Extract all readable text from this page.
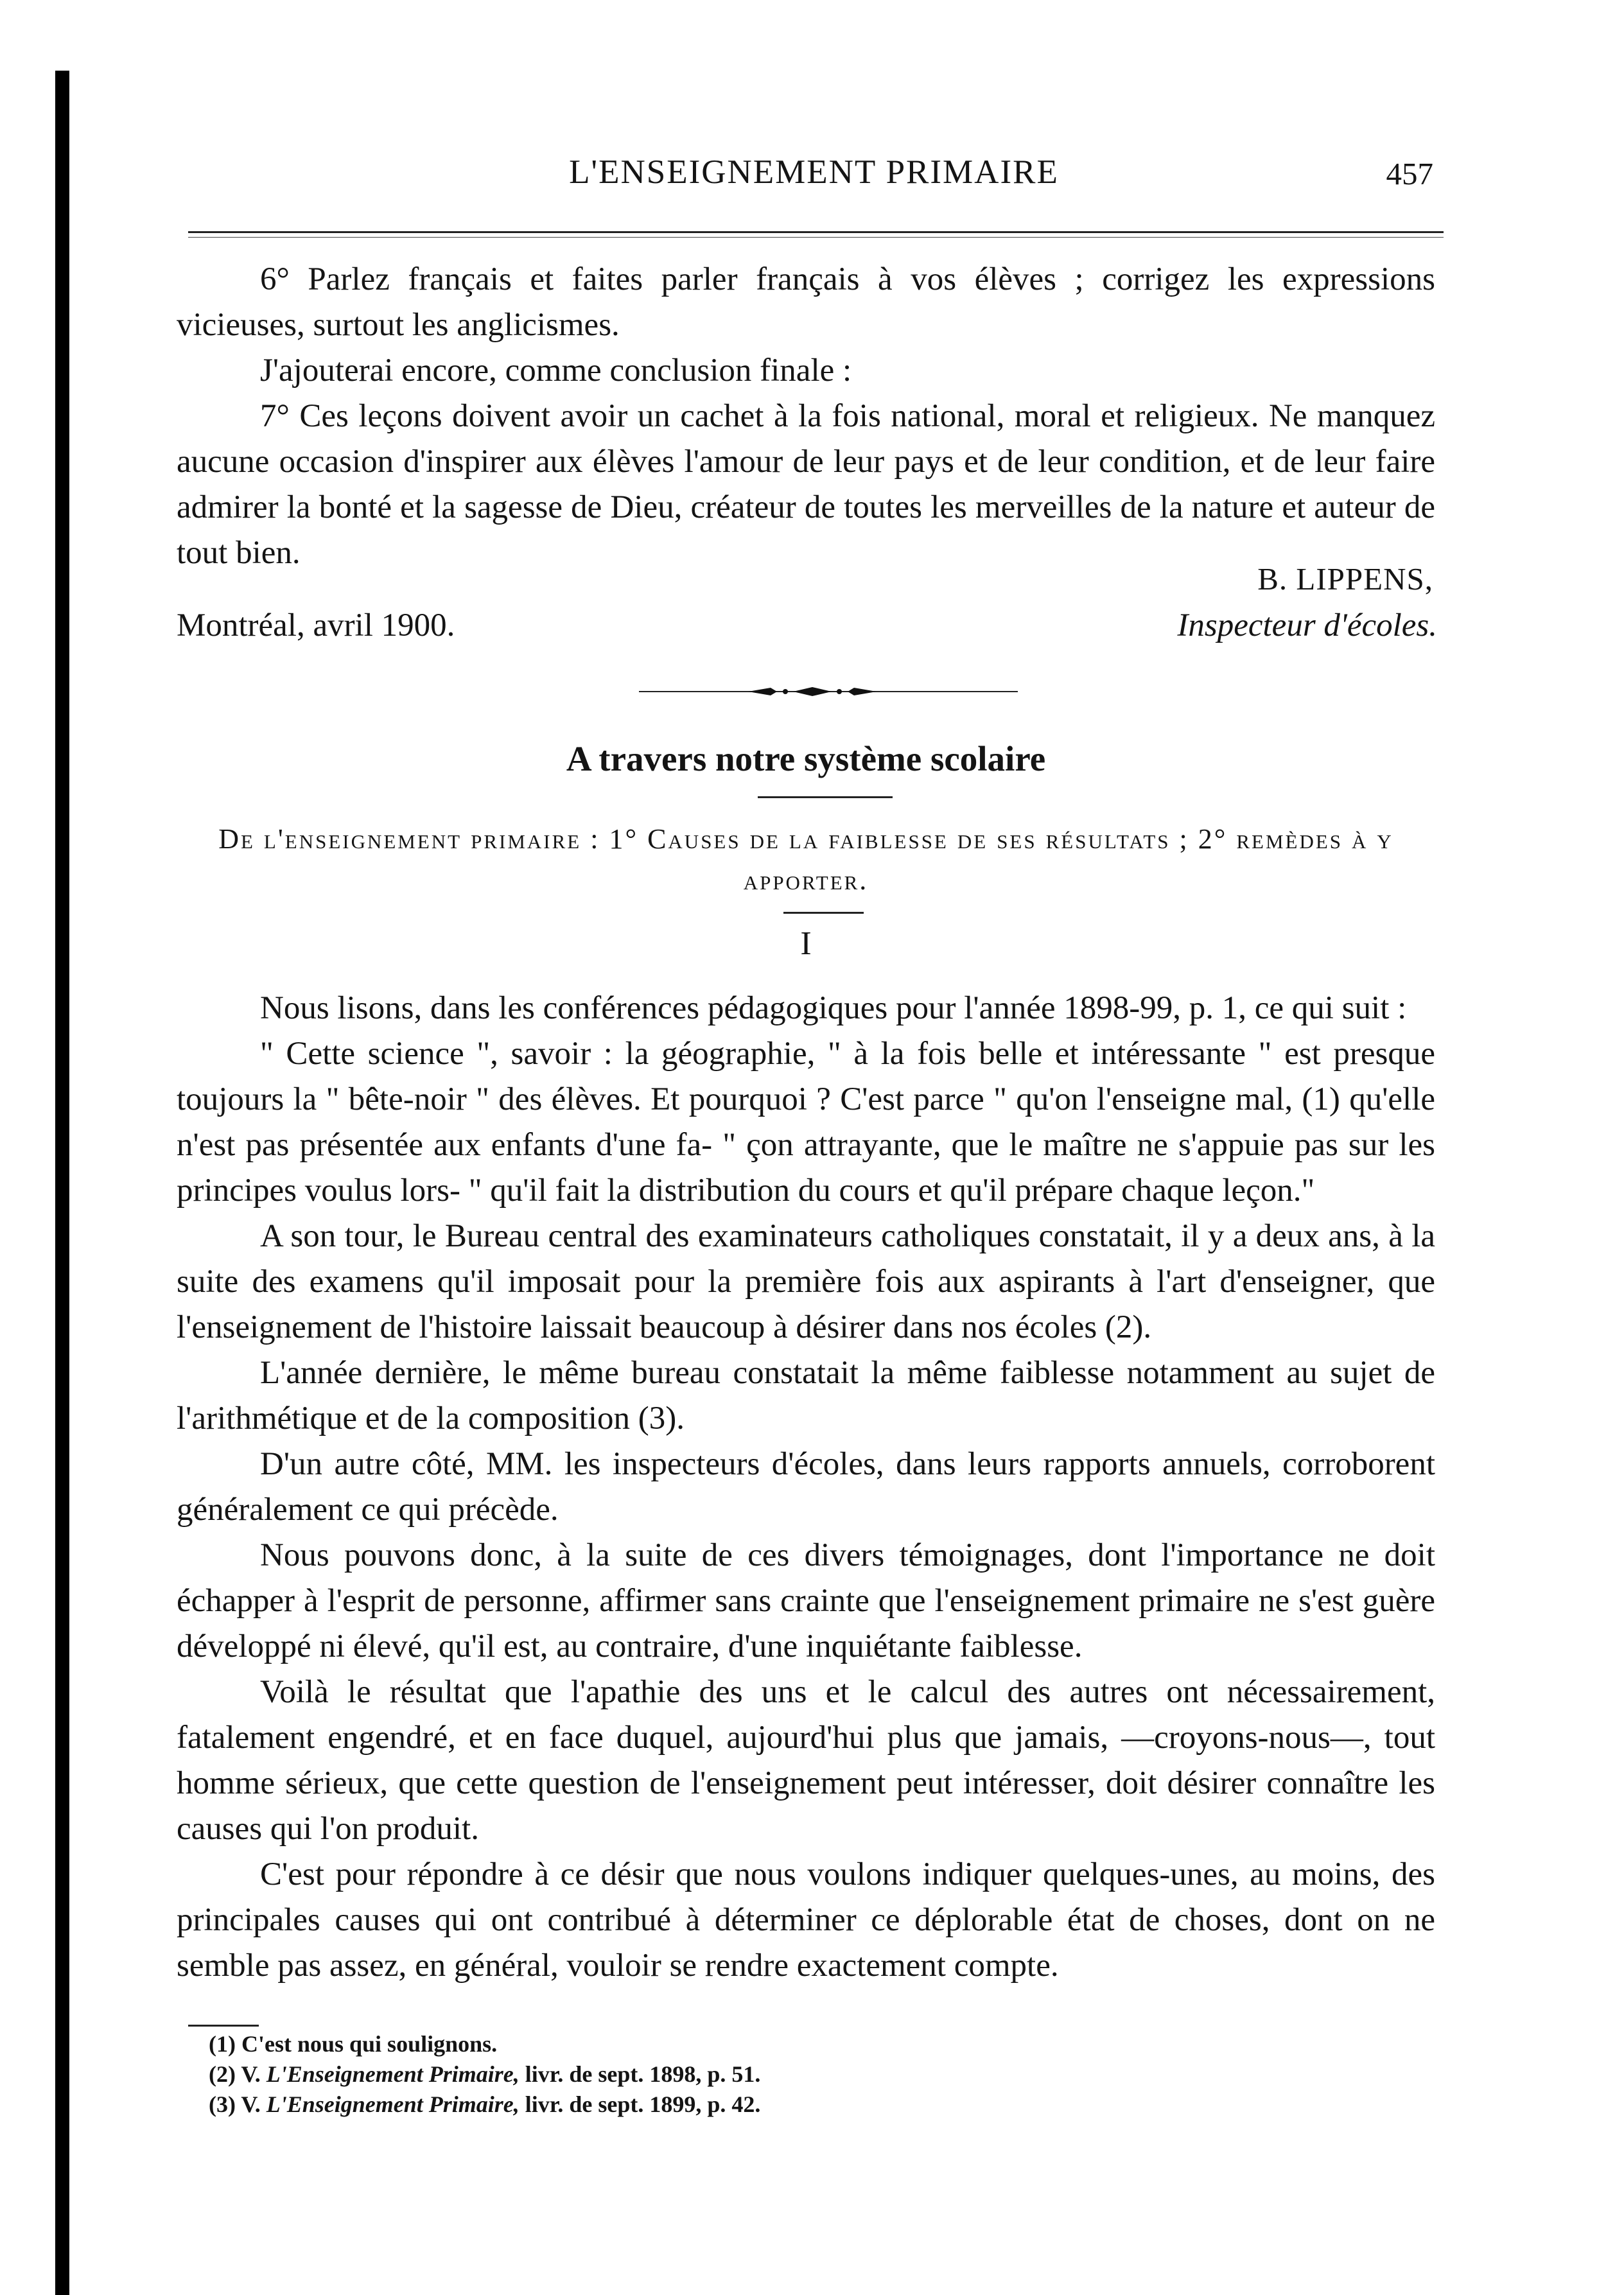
L'ENSEIGNEMENT PRIMAIRE	457

6° Parlez français et faites parler français à vos élèves ; corrigez les expressions vicieuses, surtout les anglicismes.

J'ajouterai encore, comme conclusion finale :

7° Ces leçons doivent avoir un cachet à la fois national, moral et religieux. Ne manquez aucune occasion d'inspirer aux élèves l'amour de leur pays et de leur condition, et de leur faire admirer la bonté et la sagesse de Dieu, créateur de toutes les merveilles de la nature et auteur de tout bien.

B. LIPPENS,
Montréal, avril 1900.	Inspecteur d'écoles.
A travers notre système scolaire
De l'enseignement primaire : 1° Causes de la faiblesse de ses résultats ; 2° remèdes à y apporter.
I

Nous lisons, dans les conférences pédagogiques pour l'année 1898-99, p. 1, ce qui suit :

" Cette science ", savoir : la géographie, " à la fois belle et intéressante " est presque toujours la " bête-noir " des élèves. Et pourquoi ? C'est parce " qu'on l'enseigne mal, (1) qu'elle n'est pas présentée aux enfants d'une fa- " çon attrayante, que le maître ne s'appuie pas sur les principes voulus lors- " qu'il fait la distribution du cours et qu'il prépare chaque leçon."

A son tour, le Bureau central des examinateurs catholiques constatait, il y a deux ans, à la suite des examens qu'il imposait pour la première fois aux aspirants à l'art d'enseigner, que l'enseignement de l'histoire laissait beaucoup à désirer dans nos écoles (2).

L'année dernière, le même bureau constatait la même faiblesse notamment au sujet de l'arithmétique et de la composition (3).

D'un autre côté, MM. les inspecteurs d'écoles, dans leurs rapports annuels, corroborent généralement ce qui précède.

Nous pouvons donc, à la suite de ces divers témoignages, dont l'importance ne doit échapper à l'esprit de personne, affirmer sans crainte que l'enseignement primaire ne s'est guère développé ni élevé, qu'il est, au contraire, d'une inquiétante faiblesse.

Voilà le résultat que l'apathie des uns et le calcul des autres ont nécessairement, fatalement engendré, et en face duquel, aujourd'hui plus que jamais, —croyons-nous—, tout homme sérieux, que cette question de l'enseignement peut intéresser, doit désirer connaître les causes qui l'on produit.

C'est pour répondre à ce désir que nous voulons indiquer quelques-unes, au moins, des principales causes qui ont contribué à déterminer ce déplorable état de choses, dont on ne semble pas assez, en général, vouloir se rendre exactement compte.

(1) C'est nous qui soulignons.
(2) V. L'Enseignement Primaire, livr. de sept. 1898, p. 51.
(3) V. L'Enseignement Primaire, livr. de sept. 1899, p. 42.
